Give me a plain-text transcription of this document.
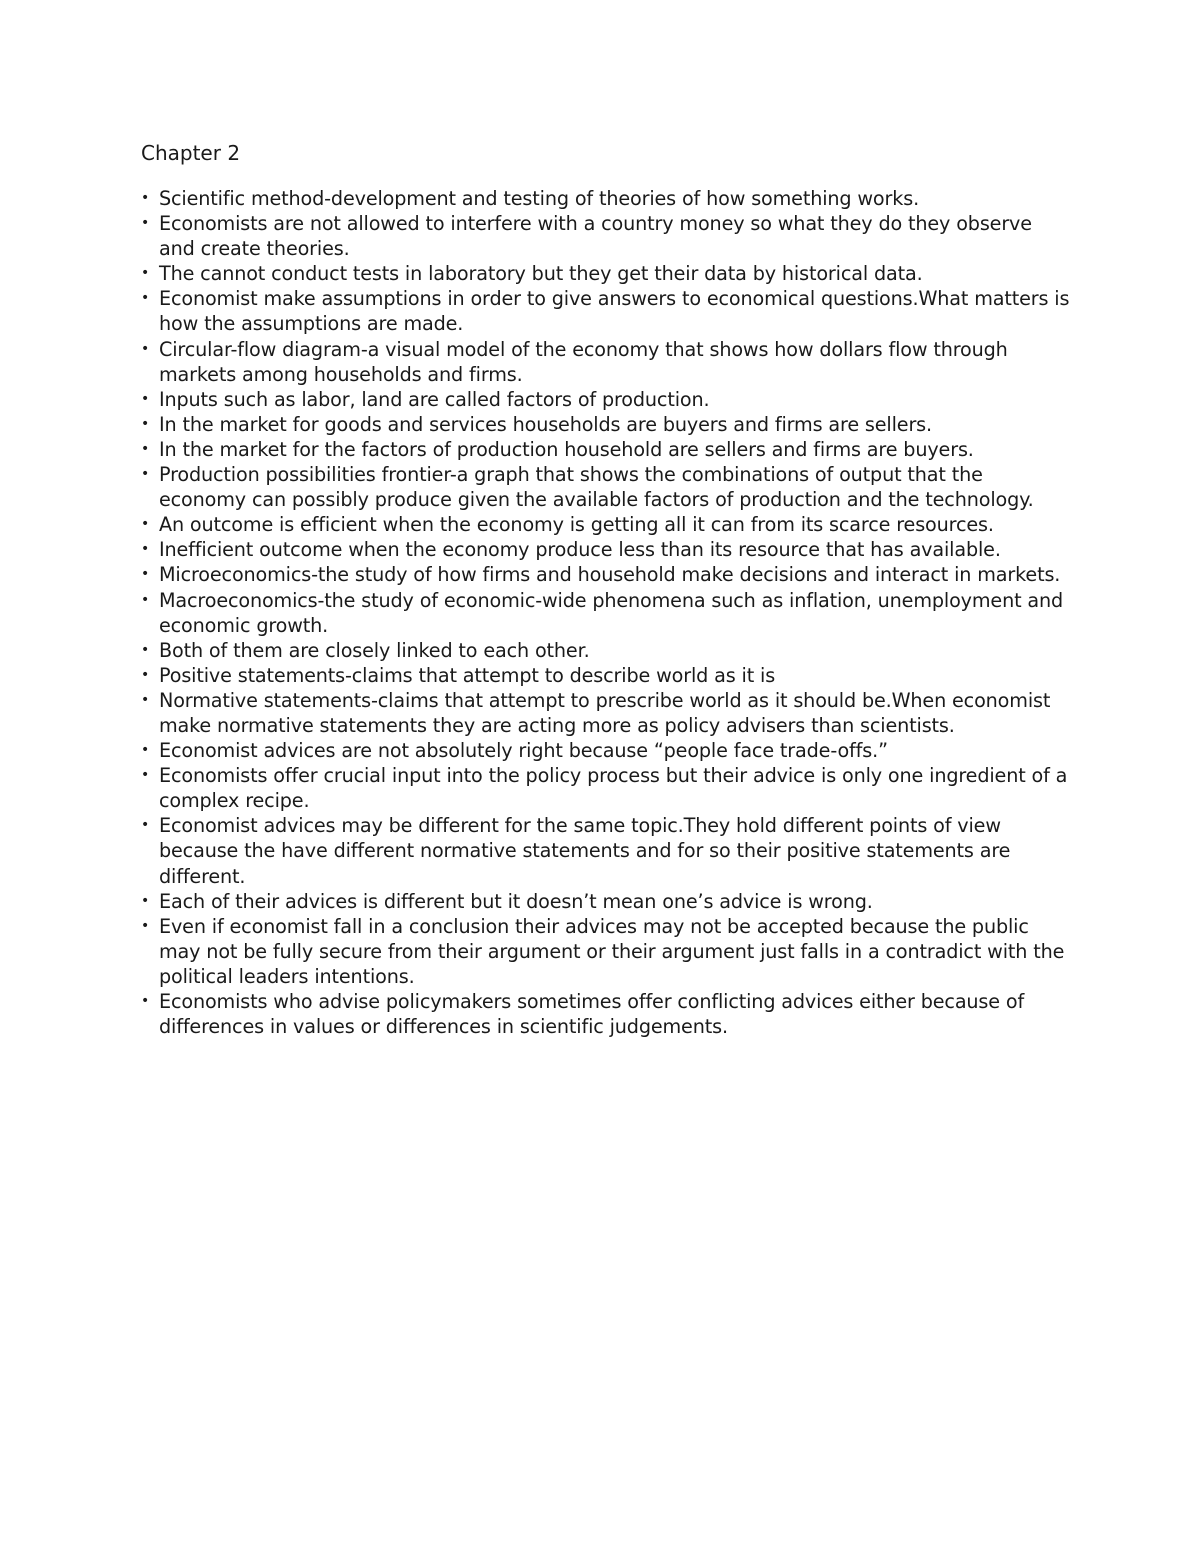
Chapter 2
• Scientific method-development and testing of theories of how something works.
• Economists are not allowed to interfere with a country money so what they do they observe and create theories.
• The cannot conduct tests in laboratory but they get their data by historical data.
• Economist make assumptions in order to give answers to economical questions.What matters is how the assumptions are made.
• Circular-flow diagram-a visual model of the economy that shows how dollars flow through markets among households and firms.
• Inputs such as labor, land are called factors of production.
• In the market for goods and services households are buyers and firms are sellers.
• In the market for the factors of production household are sellers and firms are buyers.
• Production possibilities frontier-a graph that shows the combinations of output that the economy can possibly produce given the available factors of production and the technology.
• An outcome is efficient when the economy is getting all it can from its scarce resources.
• Inefficient outcome when the economy produce less than its resource that has available.
• Microeconomics-the study of how firms and household make decisions and interact in markets.
• Macroeconomics-the study of economic-wide phenomena such as inflation, unemployment and economic growth.
• Both of them are closely linked to each other.
• Positive statements-claims that attempt to describe world as it is
• Normative statements-claims that attempt to prescribe world as it should be.When economist make normative statements they are acting more as policy advisers than scientists.
• Economist advices are not absolutely right because “people face trade-offs.”
• Economists offer crucial input into the policy process but their advice is only one ingredient of a complex recipe.
• Economist advices may be different for the same topic.They hold different points of view because the have different normative statements and for so their positive statements are different.
• Each of their advices is different but it doesn’t mean one’s advice is wrong.
• Even if economist fall in a conclusion their advices may not be accepted because the public may not be fully secure from their argument or their argument just falls in a contradict with the political leaders intentions.
• Economists who advise policymakers sometimes offer conflicting advices either because of differences in values or differences in scientific judgements.
